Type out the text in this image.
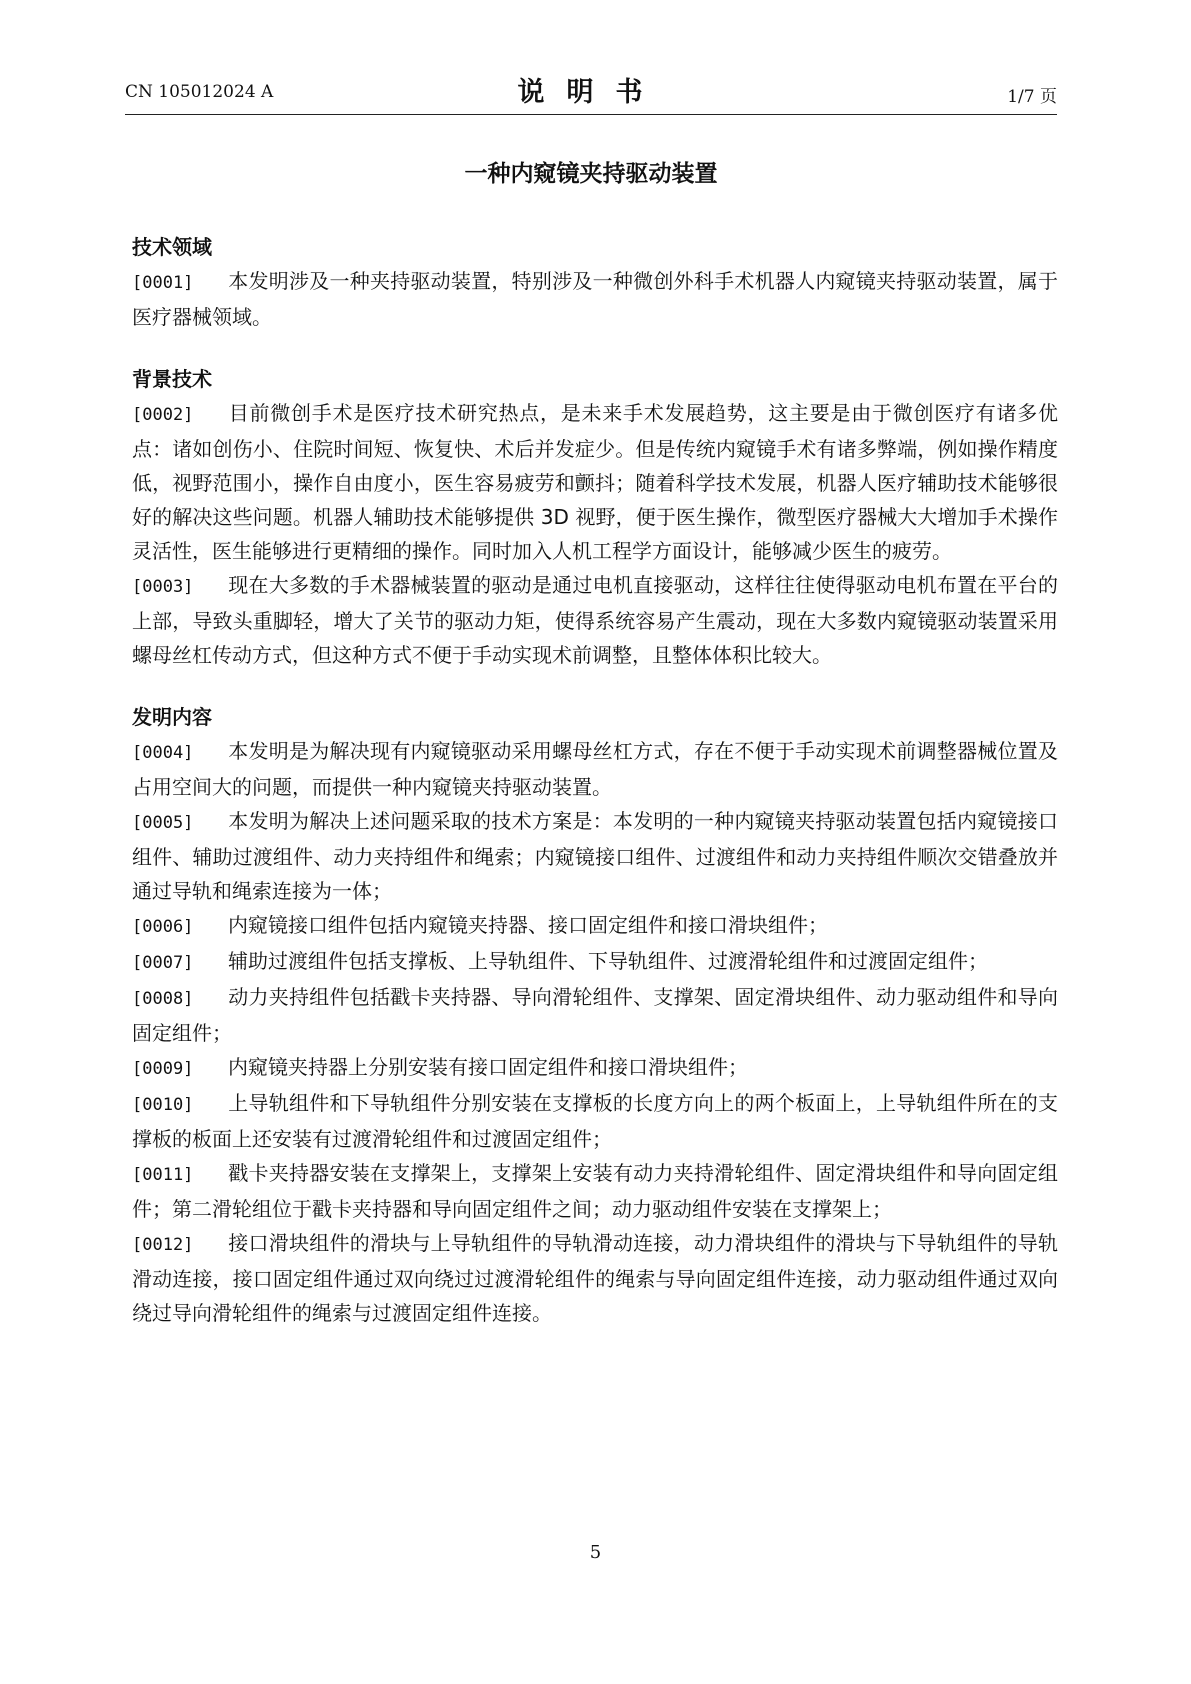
CN 105012024 A	说明书	1/7 页
一种内窥镜夹持驱动装置
技术领域

[0001] 本发明涉及一种夹持驱动装置，特别涉及一种微创外科手术机器人内窥镜夹持驱动装置，属于医疗器械领域。

背景技术

[0002] 目前微创手术是医疗技术研究热点，是未来手术发展趋势，这主要是由于微创医疗有诸多优点：诸如创伤小、住院时间短、恢复快、术后并发症少。但是传统内窥镜手术有诸多弊端，例如操作精度低，视野范围小，操作自由度小，医生容易疲劳和颤抖；随着科学技术发展，机器人医疗辅助技术能够很好的解决这些问题。机器人辅助技术能够提供 3D 视野，便于医生操作，微型医疗器械大大增加手术操作灵活性，医生能够进行更精细的操作。同时加入人机工程学方面设计，能够减少医生的疲劳。

[0003] 现在大多数的手术器械装置的驱动是通过电机直接驱动，这样往往使得驱动电机布置在平台的上部，导致头重脚轻，增大了关节的驱动力矩，使得系统容易产生震动，现在大多数内窥镜驱动装置采用螺母丝杠传动方式，但这种方式不便于手动实现术前调整，且整体体积比较大。

发明内容

[0004] 本发明是为解决现有内窥镜驱动采用螺母丝杠方式，存在不便于手动实现术前调整器械位置及占用空间大的问题，而提供一种内窥镜夹持驱动装置。

[0005] 本发明为解决上述问题采取的技术方案是：本发明的一种内窥镜夹持驱动装置包括内窥镜接口组件、辅助过渡组件、动力夹持组件和绳索；内窥镜接口组件、过渡组件和动力夹持组件顺次交错叠放并通过导轨和绳索连接为一体；

[0006] 内窥镜接口组件包括内窥镜夹持器、接口固定组件和接口滑块组件；

[0007] 辅助过渡组件包括支撑板、上导轨组件、下导轨组件、过渡滑轮组件和过渡固定组件；

[0008] 动力夹持组件包括戳卡夹持器、导向滑轮组件、支撑架、固定滑块组件、动力驱动组件和导向固定组件；

[0009] 内窥镜夹持器上分别安装有接口固定组件和接口滑块组件；

[0010] 上导轨组件和下导轨组件分别安装在支撑板的长度方向上的两个板面上，上导轨组件所在的支撑板的板面上还安装有过渡滑轮组件和过渡固定组件；

[0011] 戳卡夹持器安装在支撑架上，支撑架上安装有动力夹持滑轮组件、固定滑块组件和导向固定组件；第二滑轮组位于戳卡夹持器和导向固定组件之间；动力驱动组件安装在支撑架上；

[0012] 接口滑块组件的滑块与上导轨组件的导轨滑动连接，动力滑块组件的滑块与下导轨组件的导轨滑动连接，接口固定组件通过双向绕过过渡滑轮组件的绳索与导向固定组件连接，动力驱动组件通过双向绕过导向滑轮组件的绳索与过渡固定组件连接。

5
